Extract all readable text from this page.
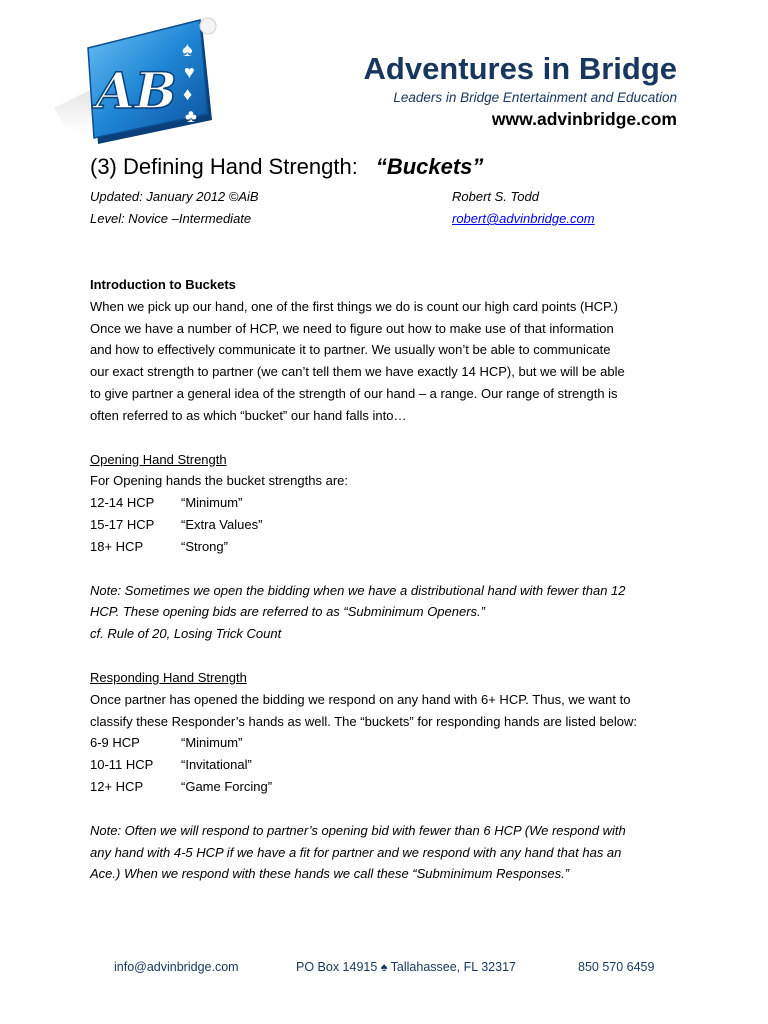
AB
♠
♥
♦
♣
Adventures in Bridge
Leaders in Bridge Entertainment and Education
www.advinbridge.com
(3) Defining Hand Strength: “Buckets”
Updated: January 2012 ©AiB	Robert S. Todd
Level: Novice –Intermediate	robert@advinbridge.com
Introduction to Buckets
When we pick up our hand, one of the first things we do is count our high card points (HCP.)
Once we have a number of HCP, we need to figure out how to make use of that information
and how to effectively communicate it to partner. We usually won’t be able to communicate
our exact strength to partner (we can’t tell them we have exactly 14 HCP), but we will be able
to give partner a general idea of the strength of our hand – a range. Our range of strength is
often referred to as which “bucket” our hand falls into…
Opening Hand Strength
For Opening hands the bucket strengths are:
12-14 HCP	“Minimum”
15-17 HCP	“Extra Values”
18+ HCP	“Strong”
Note: Sometimes we open the bidding when we have a distributional hand with fewer than 12
HCP. These opening bids are referred to as “Subminimum Openers.”
cf. Rule of 20, Losing Trick Count
Responding Hand Strength
Once partner has opened the bidding we respond on any hand with 6+ HCP. Thus, we want to
classify these Responder’s hands as well. The “buckets” for responding hands are listed below:
6-9 HCP	“Minimum”
10-11 HCP	“Invitational”
12+ HCP	“Game Forcing”
Note: Often we will respond to partner’s opening bid with fewer than 6 HCP (We respond with
any hand with 4-5 HCP if we have a fit for partner and we respond with any hand that has an
Ace.) When we respond with these hands we call these “Subminimum Responses.”
info@advinbridge.com	PO Box 14915 ♠ Tallahassee, FL 32317	850 570 6459
